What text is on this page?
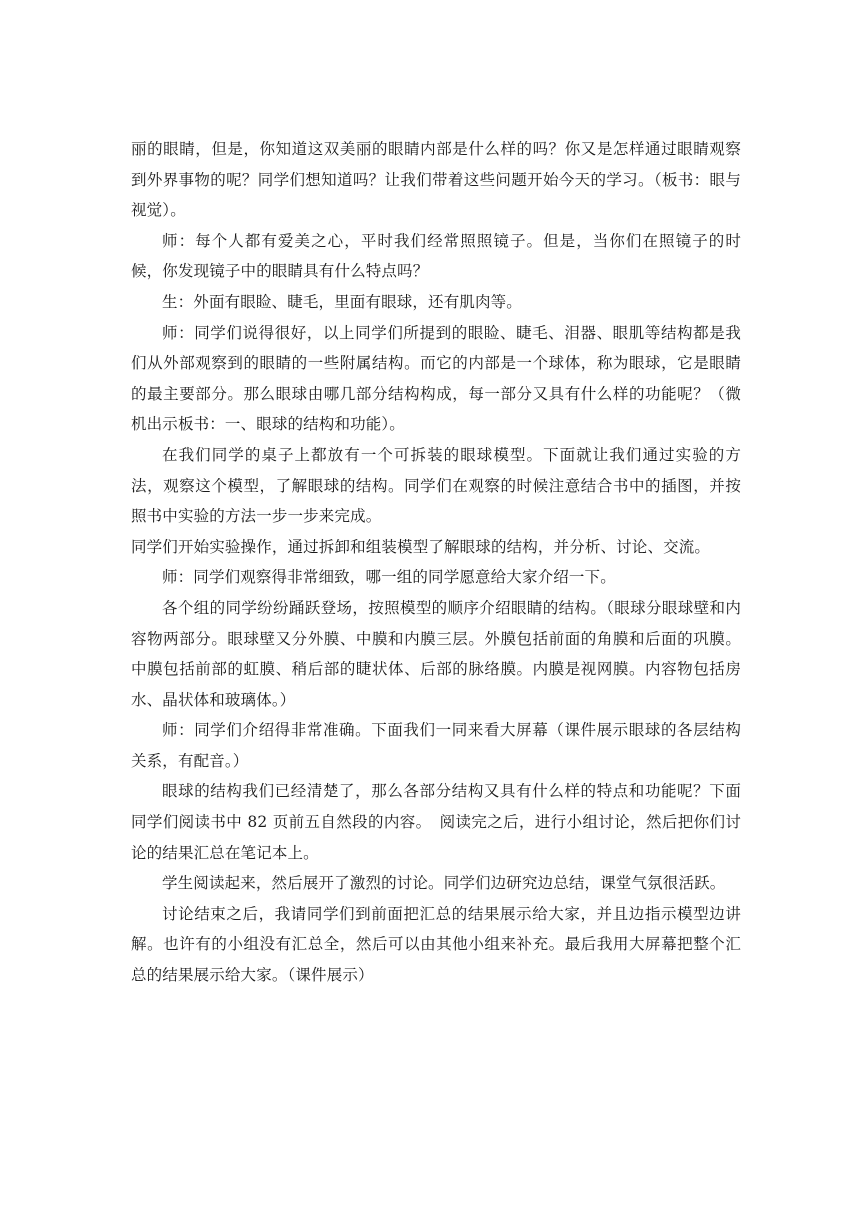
丽的眼睛，但是，你知道这双美丽的眼睛内部是什么样的吗？你又是怎样通过眼睛观察到外界事物的呢？同学们想知道吗？让我们带着这些问题开始今天的学习。（板书：眼与视觉）。

师：每个人都有爱美之心，平时我们经常照照镜子。但是，当你们在照镜子的时候，你发现镜子中的眼睛具有什么特点吗？

生：外面有眼睑、睫毛，里面有眼球，还有肌肉等。

师：同学们说得很好，以上同学们所提到的眼睑、睫毛、泪器、眼肌等结构都是我们从外部观察到的眼睛的一些附属结构。而它的内部是一个球体，称为眼球，它是眼睛的最主要部分。那么眼球由哪几部分结构构成，每一部分又具有什么样的功能呢？（微机出示板书：一、眼球的结构和功能）。

在我们同学的桌子上都放有一个可拆装的眼球模型。下面就让我们通过实验的方法，观察这个模型，了解眼球的结构。同学们在观察的时候注意结合书中的插图，并按照书中实验的方法一步一步来完成。

同学们开始实验操作，通过拆卸和组装模型了解眼球的结构，并分析、讨论、交流。

师：同学们观察得非常细致，哪一组的同学愿意给大家介绍一下。

各个组的同学纷纷踊跃登场，按照模型的顺序介绍眼睛的结构。（眼球分眼球壁和内容物两部分。眼球壁又分外膜、中膜和内膜三层。外膜包括前面的角膜和后面的巩膜。中膜包括前部的虹膜、稍后部的睫状体、后部的脉络膜。内膜是视网膜。内容物包括房水、晶状体和玻璃体。）

师：同学们介绍得非常准确。下面我们一同来看大屏幕（课件展示眼球的各层结构关系，有配音。）

眼球的结构我们已经清楚了，那么各部分结构又具有什么样的特点和功能呢？下面同学们阅读书中 82 页前五自然段的内容。　阅读完之后，进行小组讨论，然后把你们讨论的结果汇总在笔记本上。

学生阅读起来，然后展开了激烈的讨论。同学们边研究边总结，课堂气氛很活跃。

讨论结束之后，我请同学们到前面把汇总的结果展示给大家，并且边指示模型边讲解。也许有的小组没有汇总全，然后可以由其他小组来补充。最后我用大屏幕把整个汇总的结果展示给大家。（课件展示）
